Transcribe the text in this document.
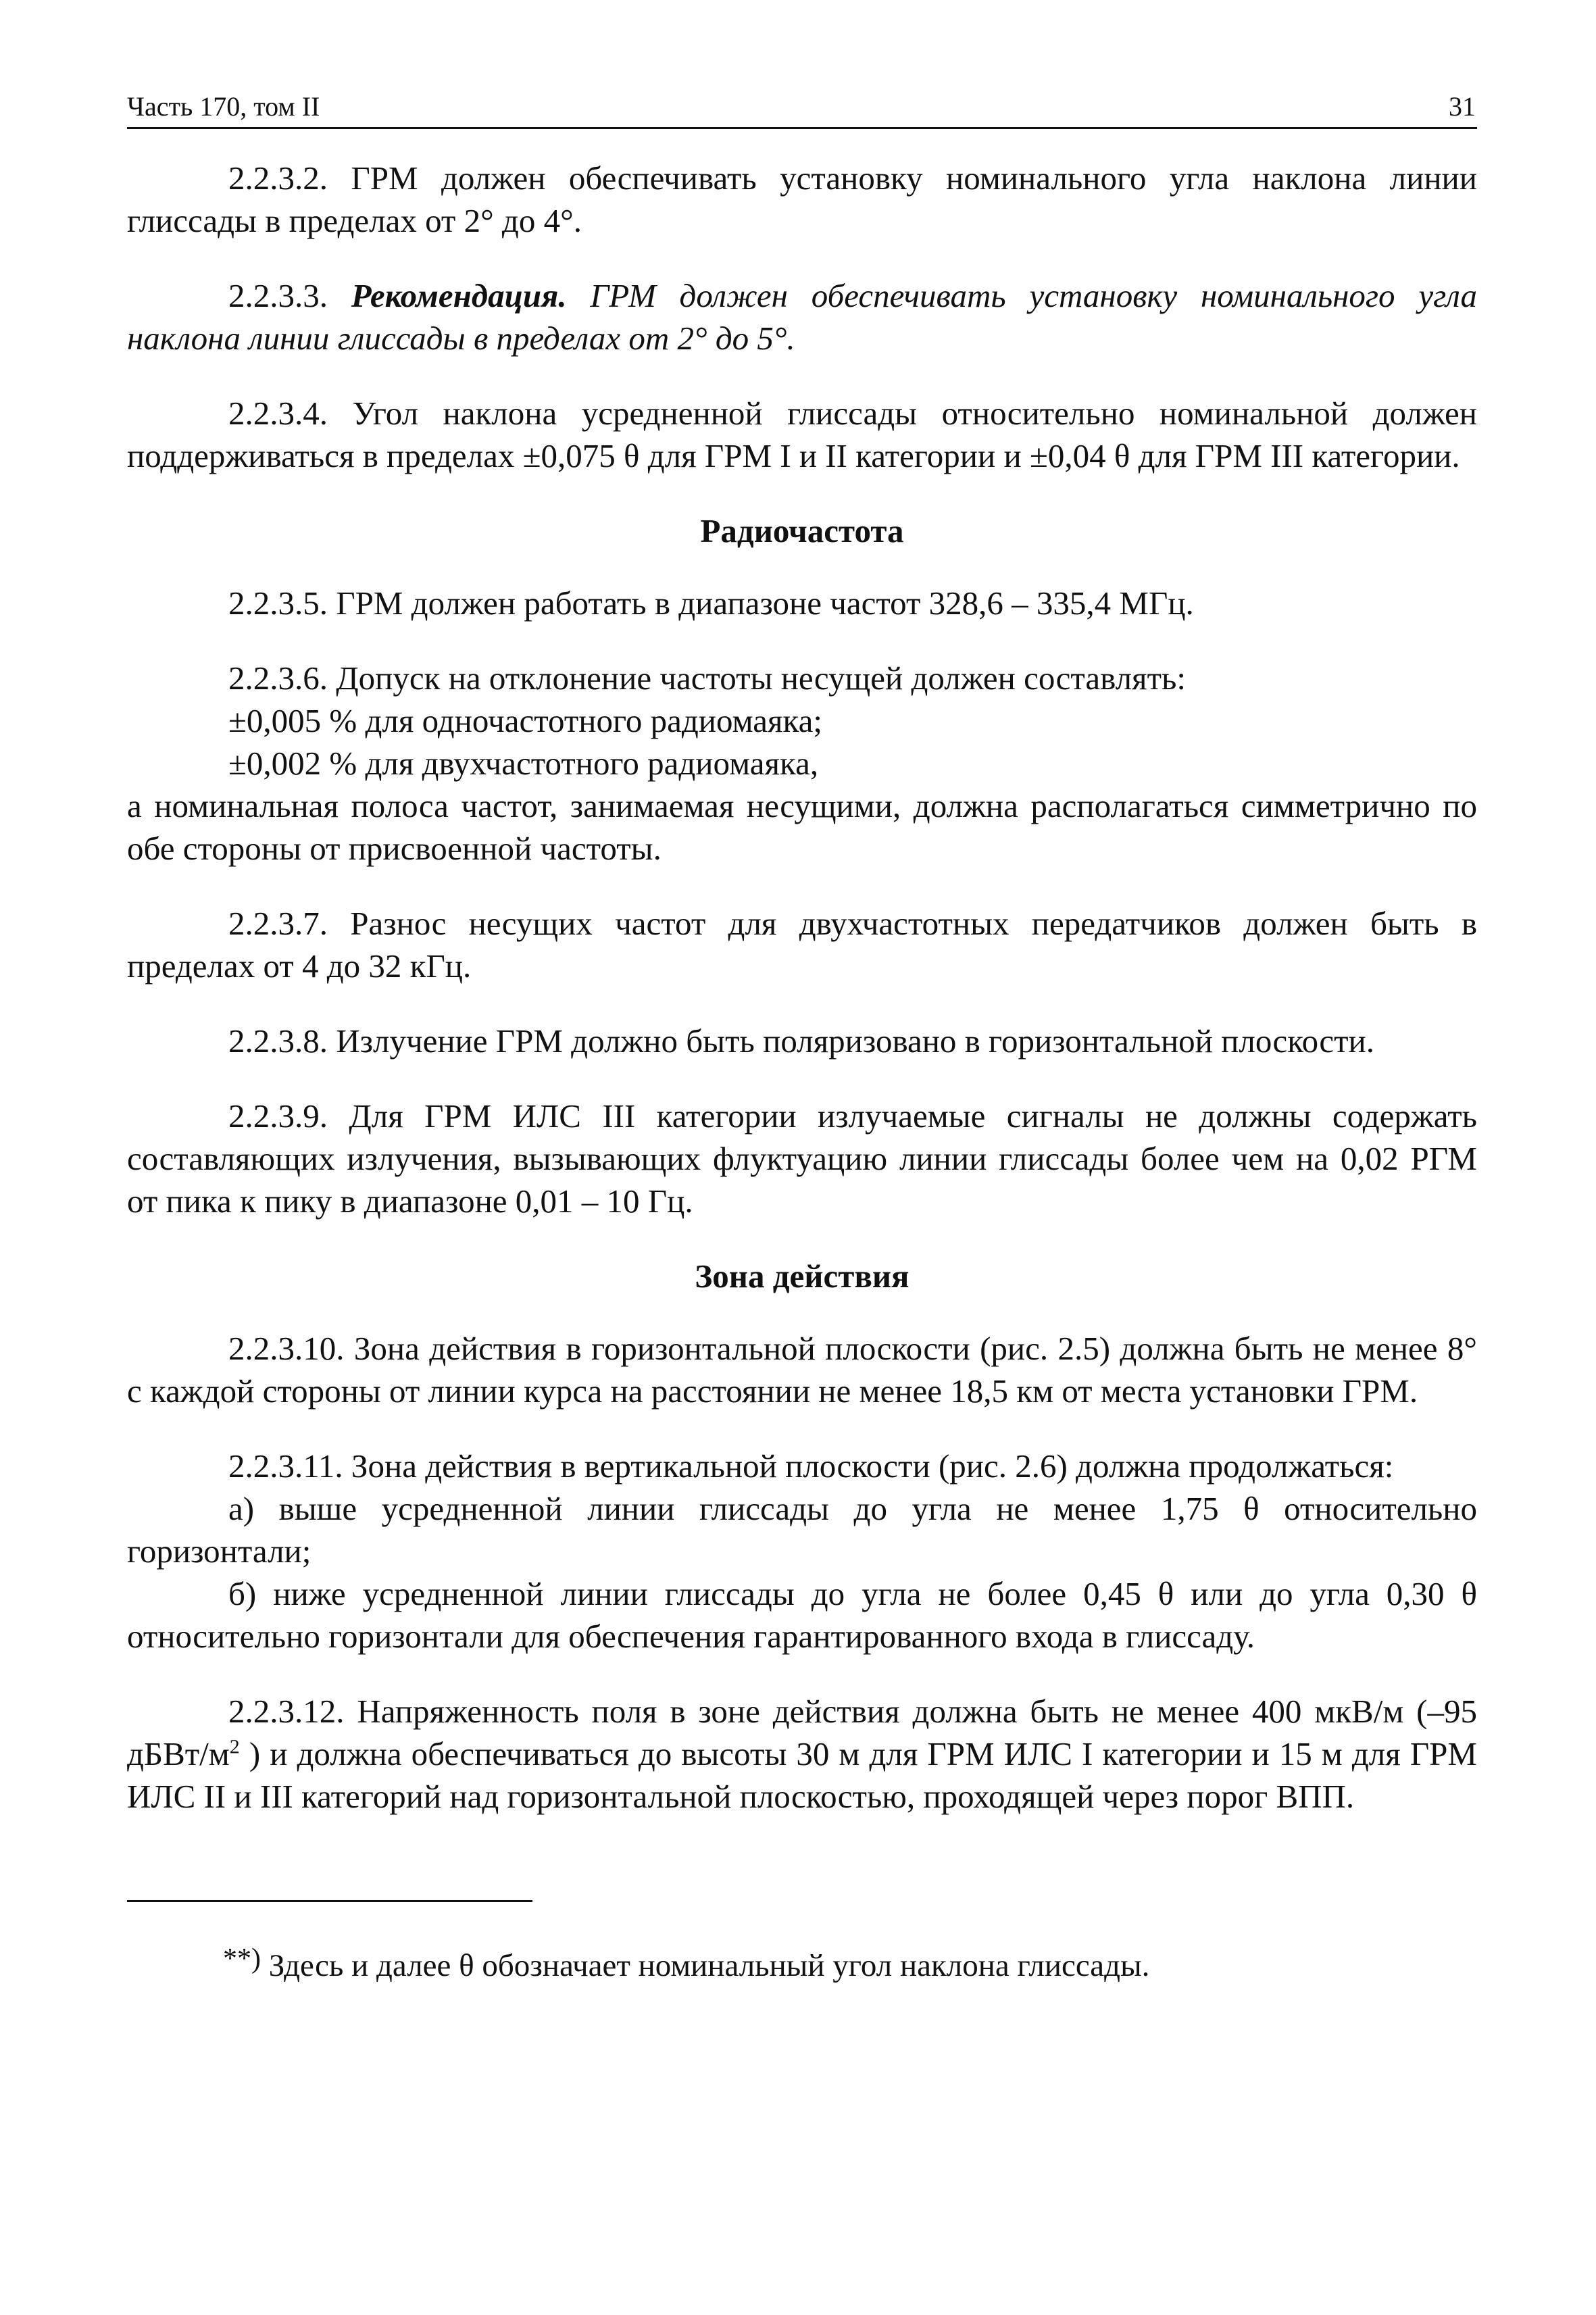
Часть 170, том II	31

2.2.3.2. ГРМ должен обеспечивать установку номинального угла наклона линии глиссады в пределах от 2° до 4°.

2.2.3.3. Рекомендация. ГРМ должен обеспечивать установку номинального угла наклона линии глиссады в пределах от 2° до 5°.

2.2.3.4. Угол наклона усредненной глиссады относительно номинальной должен поддерживаться в пределах ±0,075 θ для ГРМ I и II категории и ±0,04 θ для ГРМ III категории.

Радиочастота

2.2.3.5. ГРМ должен работать в диапазоне частот 328,6 – 335,4 МГц.

2.2.3.6. Допуск на отклонение частоты несущей должен составлять:

±0,005 % для одночастотного радиомаяка;

±0,002 % для двухчастотного радиомаяка,

а номинальная полоса частот, занимаемая несущими, должна располагаться симметрично по обе стороны от присвоенной частоты.

2.2.3.7. Разнос несущих частот для двухчастотных передатчиков должен быть в пределах от 4 до 32 кГц.

2.2.3.8. Излучение ГРМ должно быть поляризовано в горизонтальной плоскости.

2.2.3.9. Для ГРМ ИЛС III категории излучаемые сигналы не должны содержать составляющих излучения, вызывающих флуктуацию линии глиссады более чем на 0,02 РГМ от пика к пику в диапазоне 0,01 – 10 Гц.

Зона действия

2.2.3.10. Зона действия в горизонтальной плоскости (рис. 2.5) должна быть не менее 8° с каждой стороны от линии курса на расстоянии не менее 18,5 км от места установки ГРМ.

2.2.3.11. Зона действия в вертикальной плоскости (рис. 2.6) должна продолжаться:

а) выше усредненной линии глиссады до угла не менее 1,75 θ относительно горизонтали;

б) ниже усредненной линии глиссады до угла не более 0,45 θ или до угла 0,30 θ относительно горизонтали для обеспечения гарантированного входа в глиссаду.

2.2.3.12. Напряженность поля в зоне действия должна быть не менее 400 мкВ/м (–95 дБВт/$м^2$ ) и должна обеспечиваться до высоты 30 м для ГРМ ИЛС I категории и 15 м для ГРМ ИЛС II и III категорий над горизонтальной плоскостью, проходящей через порог ВПП.

**) Здесь и далее θ обозначает номинальный угол наклона глиссады.
